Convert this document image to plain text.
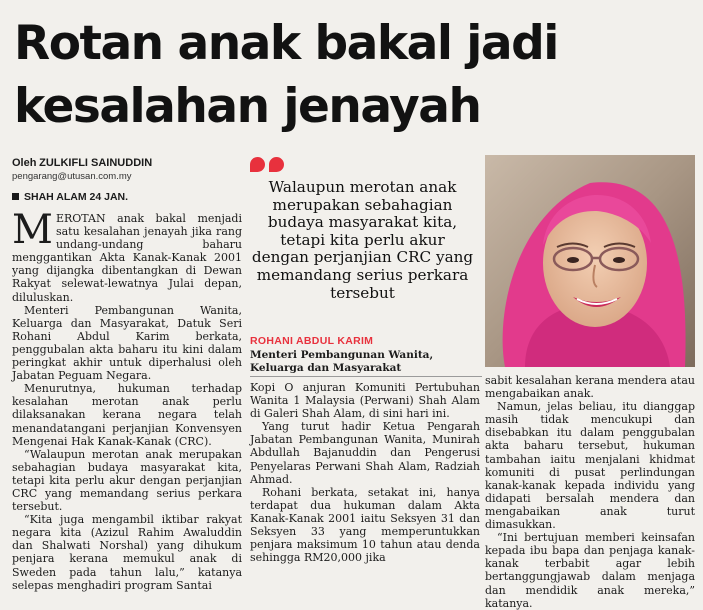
Rotan anak bakal jadi
kesalahan jenayah
Oleh ZULKIFLI SAINUDDIN
pengarang@utusan.com.my
SHAH ALAM 24 JAN.

MEROTAN anak bakal menjadi satu kesalahan jenayah jika rang undang-undang baharu menggantikan Akta Kanak-Kanak 2001 yang dijangka dibentangkan di Dewan Rakyat selewat-lewatnya Julai depan, diluluskan.

Menteri Pembangunan Wanita, Keluarga dan Masyarakat, Datuk Seri Rohani Abdul Karim berkata, penggubalan akta baharu itu kini dalam peringkat akhir untuk diperhalusi oleh Jabatan Peguam Negara.

Menurutnya, hukuman terhadap kesalahan merotan anak perlu dilaksanakan kerana negara telah menandatangani perjanjian Konvensyen Mengenai Hak Kanak-Kanak (CRC).

“Walaupun merotan anak merupakan sebahagian budaya masyarakat kita, tetapi kita perlu akur dengan perjanjian CRC yang memandang serius perkara tersebut.

“Kita juga mengambil iktibar rakyat negara kita (Azizul Rahim Awaluddin dan Shalwati Norshal) yang dihukum penjara kerana memukul anak di Sweden pada tahun lalu,” katanya selepas menghadiri program Santai

Walaupun merotan anak merupakan sebahagian budaya masyarakat kita, tetapi kita perlu akur dengan perjanjian CRC yang memandang serius perkara tersebut
ROHANI ABDUL KARIM
Menteri Pembangunan Wanita, Keluarga dan Masyarakat

Kopi O anjuran Komuniti Pertubuhan Wanita 1 Malaysia (Perwani) Shah Alam di Galeri Shah Alam, di sini hari ini.

Yang turut hadir Ketua Pengarah Jabatan Pembangunan Wanita, Munirah Abdullah Bajanuddin dan Pengerusi Penyelaras Perwani Shah Alam, Radziah Ahmad.

Rohani berkata, setakat ini, hanya terdapat dua hukuman dalam Akta Kanak-Kanak 2001 iaitu Seksyen 31 dan Seksyen 33 yang memperuntukkan penjara maksimum 10 tahun atau denda sehingga RM20,000 jika

sabit kesalahan kerana mendera atau mengabaikan anak.

Namun, jelas beliau, itu dianggap masih tidak mencukupi dan disebabkan itu dalam penggubalan akta baharu tersebut, hukuman tambahan iaitu menjalani khidmat komuniti di pusat perlindungan kanak-kanak kepada individu yang didapati bersalah mendera dan mengabaikan anak turut dimasukkan.

“Ini bertujuan memberi keinsafan kepada ibu bapa dan penjaga kanak-kanak terbabit agar lebih bertanggungjawab dalam menjaga dan mendidik anak mereka,” katanya.
